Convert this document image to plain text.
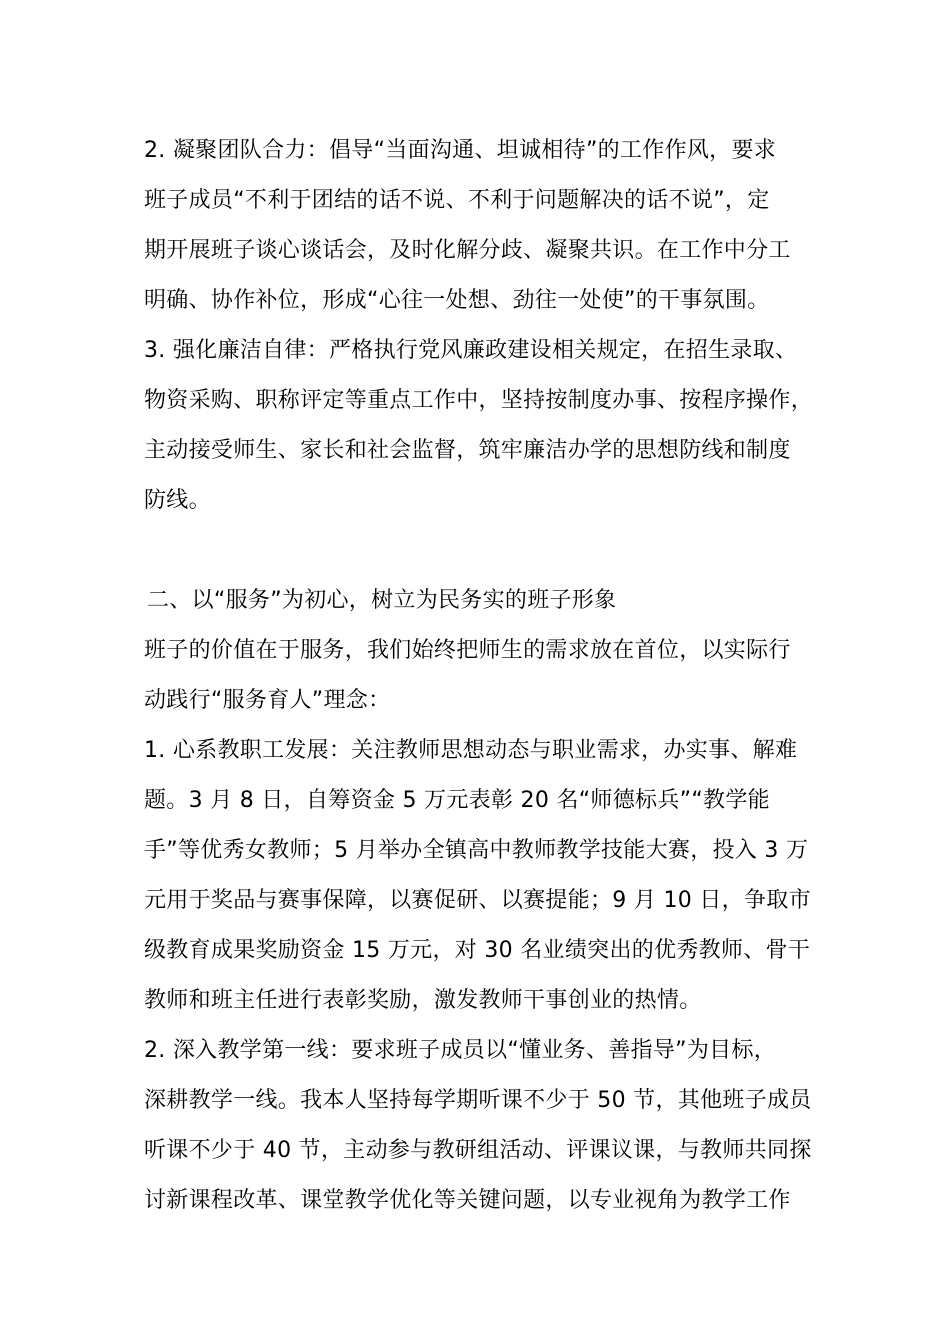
2. 凝聚团队合力：倡导“当面沟通、坦诚相待”的工作作风，要求
班子成员“不利于团结的话不说、不利于问题解决的话不说”，定
期开展班子谈心谈话会，及时化解分歧、凝聚共识。在工作中分工
明确、协作补位，形成“心往一处想、劲往一处使”的干事氛围。
3. 强化廉洁自律：严格执行党风廉政建设相关规定，在招生录取、
物资采购、职称评定等重点工作中，坚持按制度办事、按程序操作，
主动接受师生、家长和社会监督，筑牢廉洁办学的思想防线和制度
防线。
二、以“服务”为初心，树立为民务实的班子形象
班子的价值在于服务，我们始终把师生的需求放在首位，以实际行
动践行“服务育人”理念：
1. 心系教职工发展：关注教师思想动态与职业需求，办实事、解难
题。3 月 8 日，自筹资金 5 万元表彰 20 名“师德标兵”“教学能
手”等优秀女教师；5 月举办全镇高中教师教学技能大赛，投入 3 万
元用于奖品与赛事保障，以赛促研、以赛提能；9 月 10 日，争取市
级教育成果奖励资金 15 万元，对 30 名业绩突出的优秀教师、骨干
教师和班主任进行表彰奖励，激发教师干事创业的热情。
2. 深入教学第一线：要求班子成员以“懂业务、善指导”为目标，
深耕教学一线。我本人坚持每学期听课不少于 50 节，其他班子成员
听课不少于 40 节，主动参与教研组活动、评课议课，与教师共同探
讨新课程改革、课堂教学优化等关键问题，以专业视角为教学工作
